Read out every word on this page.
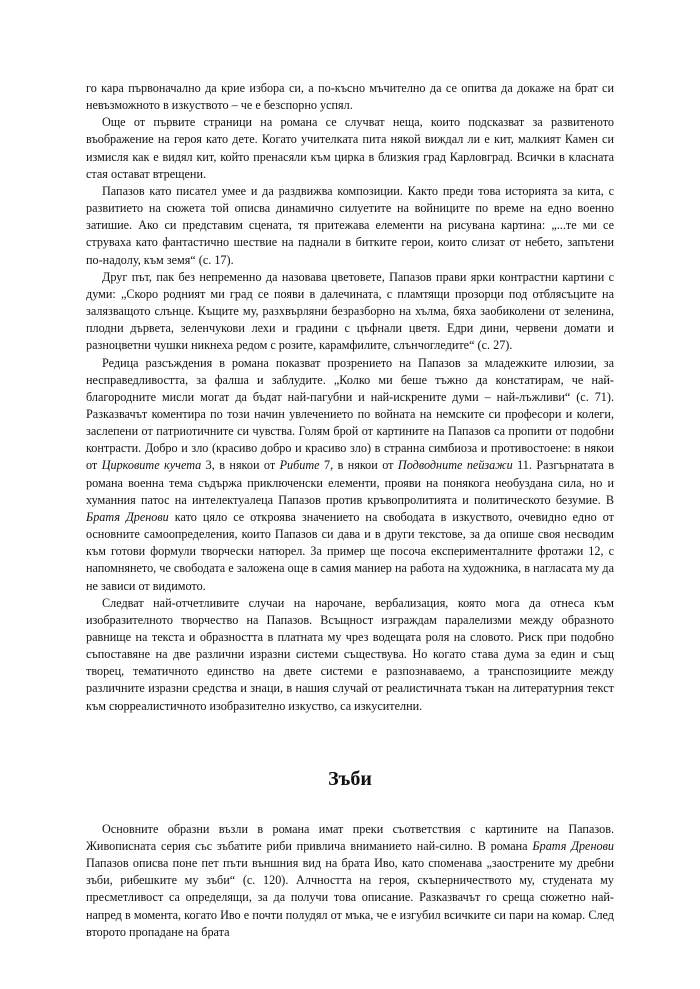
го кара първоначално да крие избора си, а по-късно мъчително да се опитва да докаже на брат си невъзможното в изкуството – че е безспорно успял.

Още от първите страници на романа се случват неща, които подсказват за развитеното въображение на героя като дете. Когато учителката пита някой виждал ли е кит, малкият Камен си измисля как е видял кит, който пренасяли към цирка в близкия град Карловград. Всички в класната стая остават втрещени.

Папазов като писател умее и да раздвижва композиции. Както преди това историята за кита, с развитието на сюжета той описва динамично силуетите на войниците по време на едно военно затишие. Ако си представим сцената, тя притежава елементи на рисувана картина: „...те ми се струваха като фантастично шествие на паднали в битките герои, които слизат от небето, запътени по-надолу, към земя“ (с. 17).

Друг път, пак без непременно да назовава цветовете, Папазов прави ярки контрастни картини с думи: „Скоро родният ми град се появи в далечината, с пламтящи прозорци под отблясъците на залязващото слънце. Къщите му, разхвърляни безразборно на хълма, бяха заобиколени от зеленина, плодни дървета, зеленчукови лехи и градини с цъфнали цветя. Едри дини, червени домати и разноцветни чушки никнеха редом с розите, карамфилите, слънчогледите“ (с. 27).

Редица разсъждения в романа показват прозрението на Папазов за младежките илюзии, за несправедливостта, за фалша и заблудите. „Колко ми беше тъжно да констатирам, че най-благородните мисли могат да бъдат най-пагубни и най-искрените думи – най-лъжливи“ (с. 71). Разказвачът коментира по този начин увлечението по войната на немските си професори и колеги, заслепени от патриотичните си чувства. Голям брой от картините на Папазов са пропити от подобни контрасти. Добро и зло (красиво добро и красиво зло) в странна симбиоза и противостоене: в някои от Цирковите кучета 3, в някои от Рибите 7, в някои от Подводните пейзажи 11. Разгърнатата в романа военна тема съдържа приключенски елементи, прояви на понякога необуздана сила, но и хуманния патос на интелектуалеца Папазов против кръвопролитията и политическото безумие. В Братя Дренови като цяло се откроява значението на свободата в изкуството, очевидно едно от основните самоопределения, които Папазов си дава и в други текстове, за да опише своя несводим към готови формули творчески натюрел. За пример ще посоча експерименталните фротажи 12, с напомнянето, че свободата е заложена още в самия маниер на работа на художника, в нагласата му да не зависи от видимото.

Следват най-отчетливите случаи на нарочане, вербализация, която мога да отнеса към изобразителното творчество на Папазов. Всъщност изграждам паралелизми между образното равнище на текста и образността в платната му чрез водещата роля на словото. Риск при подобно съпоставяне на две различни изразни системи съществува. Но когато става дума за един и същ творец, тематичното единство на двете системи е разпознаваемо, а транспозициите между различните изразни средства и знаци, в нашия случай от реалистичната тъкан на литературния текст към сюрреалистичното изобразително изкуство, са изкусителни.

Зъби

Основните образни възли в романа имат преки съответствия с картините на Папазов. Живописната серия със зъбатите риби привлича вниманието най-силно. В романа Братя Дренови Папазов описва поне пет пъти външния вид на брата Иво, като споменава „заострените му дребни зъби, рибешките му зъби“ (с. 120). Алчността на героя, скъперничеството му, студената му пресметливост са определящи, за да получи това описание. Разказвачът го среща сюжетно най-напред в момента, когато Иво е почти полудял от мъка, че е изгубил всичките си пари на комар. След второто пропадане на брата
